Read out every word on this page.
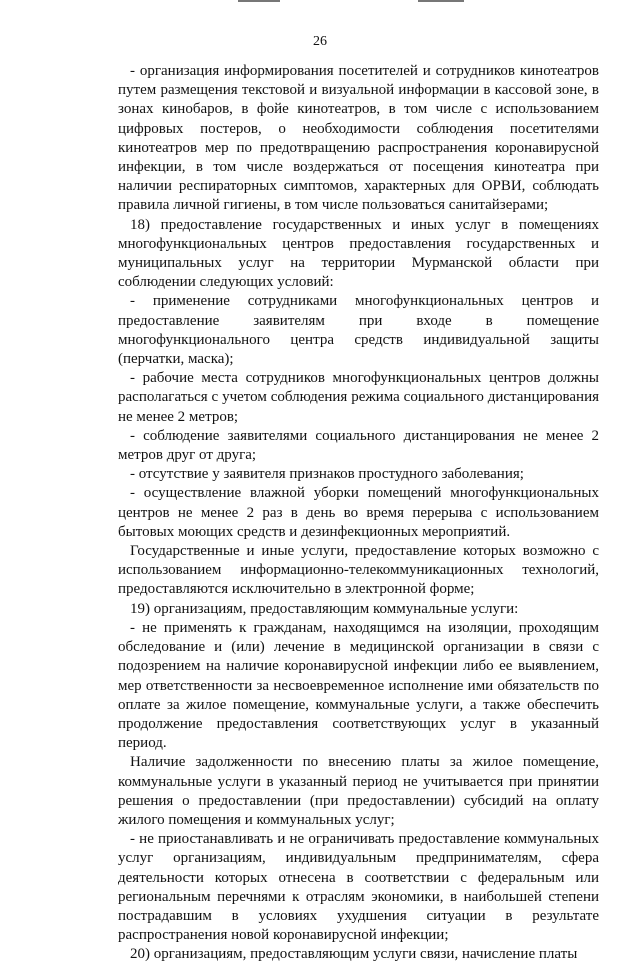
26

- организация информирования посетителей и сотрудников кинотеатров путем размещения текстовой и визуальной информации в кассовой зоне, в зонах кинобаров, в фойе кинотеатров, в том числе с использованием цифровых постеров, о необходимости соблюдения посетителями кинотеатров мер по предотвращению распространения коронавирусной инфекции, в том числе воздержаться от посещения кинотеатра при наличии респираторных симптомов, характерных для ОРВИ, соблюдать правила личной гигиены, в том числе пользоваться санитайзерами;

18) предоставление государственных и иных услуг в помещениях многофункциональных центров предоставления государственных и муниципальных услуг на территории Мурманской области при соблюдении следующих условий:

- применение сотрудниками многофункциональных центров и предоставление заявителям при входе в помещение многофункционального центра средств индивидуальной защиты (перчатки, маска);

- рабочие места сотрудников многофункциональных центров должны располагаться с учетом соблюдения режима социального дистанцирования не менее 2 метров;

- соблюдение заявителями социального дистанцирования не менее 2 метров друг от друга;

- отсутствие у заявителя признаков простудного заболевания;

- осуществление влажной уборки помещений многофункциональных центров не менее 2 раз в день во время перерыва с использованием бытовых моющих средств и дезинфекционных мероприятий.

Государственные и иные услуги, предоставление которых возможно с использованием информационно-телекоммуникационных технологий, предоставляются исключительно в электронной форме;

19) организациям, предоставляющим коммунальные услуги:

- не применять к гражданам, находящимся на изоляции, проходящим обследование и (или) лечение в медицинской организации в связи с подозрением на наличие коронавирусной инфекции либо ее выявлением, мер ответственности за несвоевременное исполнение ими обязательств по оплате за жилое помещение, коммунальные услуги, а также обеспечить продолжение предоставления соответствующих услуг в указанный период.

Наличие задолженности по внесению платы за жилое помещение, коммунальные услуги в указанный период не учитывается при принятии решения о предоставлении (при предоставлении) субсидий на оплату жилого помещения и коммунальных услуг;

- не приостанавливать и не ограничивать предоставление коммунальных услуг организациям, индивидуальным предпринимателям, сфера деятельности которых отнесена в соответствии с федеральным или региональным перечнями к отраслям экономики, в наибольшей степени пострадавшим в условиях ухудшения ситуации в результате распространения новой коронавирусной инфекции;

20) организациям, предоставляющим услуги связи, начисление платы
